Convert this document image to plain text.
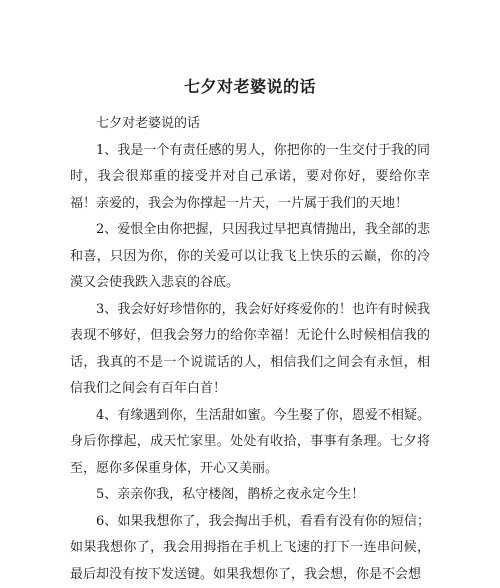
七夕对老婆说的话

七夕对老婆说的话

1、我是一个有责任感的男人，你把你的一生交付于我的同时，我会很郑重的接受并对自己承诺，要对你好，要给你幸福！亲爱的，我会为你撑起一片天，一片属于我们的天地！

2、爱恨全由你把握，只因我过早把真情抛出，我全部的悲和喜，只因为你，你的关爱可以让我飞上快乐的云巅，你的冷漠又会使我跌入悲哀的谷底。

3、我会好好珍惜你的，我会好好疼爱你的！也许有时候我表现不够好，但我会努力的给你幸福！无论什么时候相信我的话，我真的不是一个说谎话的人，相信我们之间会有永恒，相信我们之间会有百年白首！

4、有缘遇到你，生活甜如蜜。今生娶了你，恩爱不相疑。身后你撑起，成天忙家里。处处有收拾，事事有条理。七夕将至，愿你多保重身体，开心又美丽。

5、亲亲你我，私守楼阁，鹊桥之夜永定今生！

6、如果我想你了，我会掏出手机，看看有没有你的短信；如果我想你了，我会用拇指在手机上飞速的打下一连串问候，最后却没有按下发送键。如果我想你了，我会想，你是不会想
